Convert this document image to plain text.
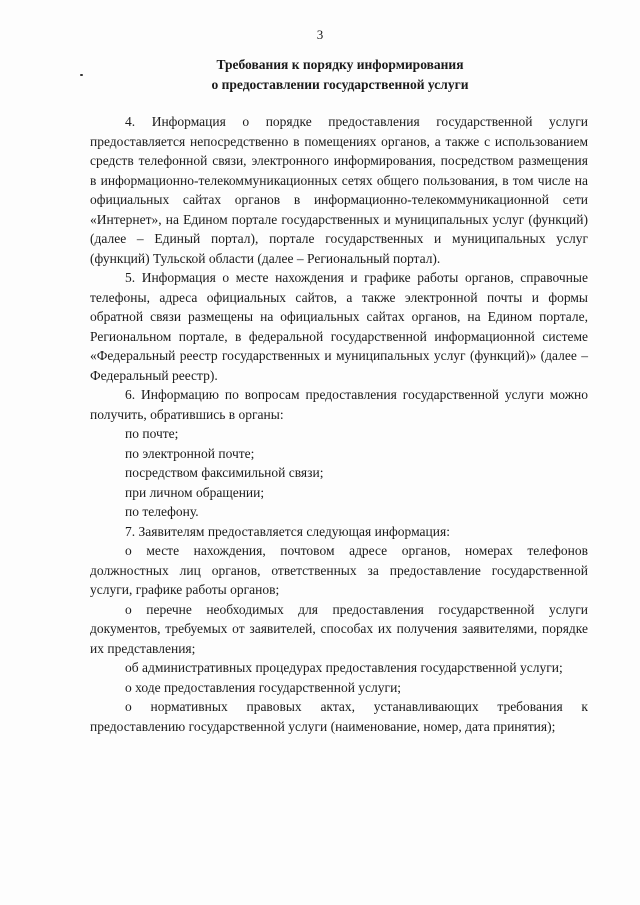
3
Требования к порядку информирования
о предоставлении государственной услуги

4. Информация о порядке предоставления государственной услуги предоставляется непосредственно в помещениях органов, а также с использованием средств телефонной связи, электронного информирования, посредством размещения в информационно-телекоммуникационных сетях общего пользования, в том числе на официальных сайтах органов в информационно-телекоммуникационной сети «Интернет», на Едином портале государственных и муниципальных услуг (функций) (далее – Единый портал), портале государственных и муниципальных услуг (функций) Тульской области (далее – Региональный портал).

5. Информация о месте нахождения и графике работы органов, справочные телефоны, адреса официальных сайтов, а также электронной почты и формы обратной связи размещены на официальных сайтах органов, на Едином портале, Региональном портале, в федеральной государственной информационной системе «Федеральный реестр государственных и муниципальных услуг (функций)» (далее – Федеральный реестр).

6. Информацию по вопросам предоставления государственной услуги можно получить, обратившись в органы:

по почте;

по электронной почте;

посредством факсимильной связи;

при личном обращении;

по телефону.

7. Заявителям предоставляется следующая информация:

о месте нахождения, почтовом адресе органов, номерах телефонов должностных лиц органов, ответственных за предоставление государственной услуги, графике работы органов;

о перечне необходимых для предоставления государственной услуги документов, требуемых от заявителей, способах их получения заявителями, порядке их представления;

об административных процедурах предоставления государственной услуги;

о ходе предоставления государственной услуги;

о нормативных правовых актах, устанавливающих требования к предоставлению государственной услуги (наименование, номер, дата принятия);
